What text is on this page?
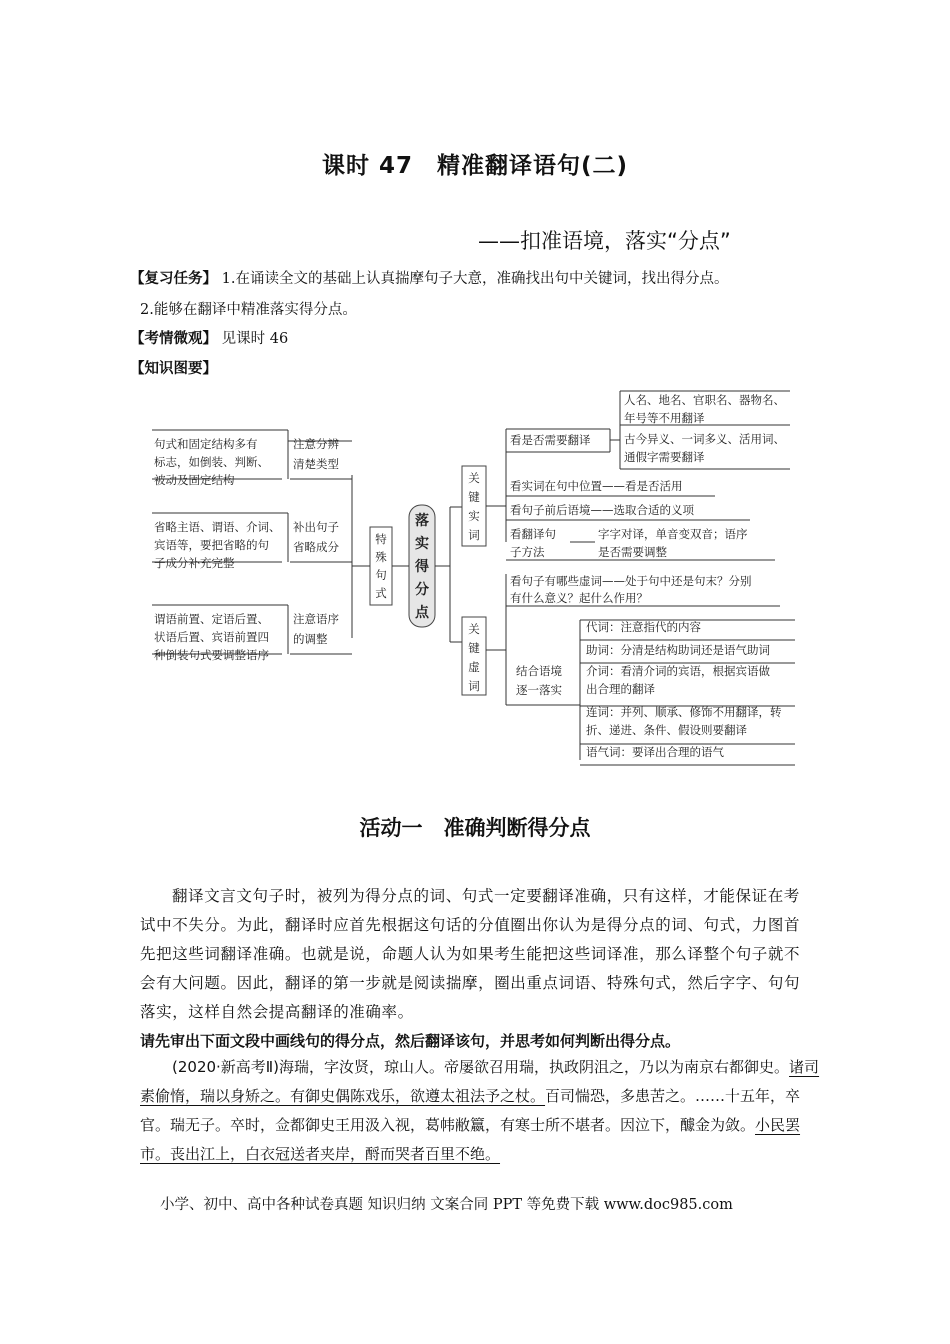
课时 47　精准翻译语句(二)
——扣准语境，落实“分点”
【复习任务】 1.在诵读全文的基础上认真揣摩句子大意，准确找出句中关键词，找出得分点。
2.能够在翻译中精准落实得分点。
【考情微观】 见课时 46
【知识图要】
落
实
得
分
点
特
殊
句
式
句式和固定结构多有
标志，如倒装、判断、
被动及固定结构
注意分辨
清楚类型
省略主语、谓语、介词、
宾语等，要把省略的句
子成分补充完整
补出句子
省略成分
谓语前置、定语后置、
状语后置、宾语前置四
种倒装句式要调整语序
注意语序
的调整
关
键
实
词
看是否需要翻译
人名、地名、官职名、器物名、
年号等不用翻译
古今异义、一词多义、活用词、
通假字需要翻译
看实词在句中位置——看是否活用
看句子前后语境——选取合适的义项
看翻译句
子方法
字字对译，单音变双音；语序
是否需要调整
关
键
虚
词
看句子有哪些虚词——处于句中还是句末？分别
有什么意义？起什么作用？
结合语境
逐一落实
代词：注意指代的内容
助词：分清是结构助词还是语气助词
介词：看清介词的宾语，根据宾语做
出合理的翻译
连词：并列、顺承、修饰不用翻译，转
折、递进、条件、假设则要翻译
语气词：要译出合理的语气
活动一　准确判断得分点
翻译文言文句子时，被列为得分点的词、句式一定要翻译准确，只有这样，才能保证在考试中不失分。为此，翻译时应首先根据这句话的分值圈出你认为是得分点的词、句式，力图首先把这些词翻译准确。也就是说，命题人认为如果考生能把这些词译准，那么译整个句子就不会有大问题。因此，翻译的第一步就是阅读揣摩，圈出重点词语、特殊句式，然后字字、句句落实，这样自然会提高翻译的准确率。
请先审出下面文段中画线句的得分点，然后翻译该句，并思考如何判断出得分点。
(2020·新高考Ⅱ)海瑞，字汝贤，琼山人。帝屡欲召用瑞，执政阴沮之，乃以为南京右都御史。诸司素偷惰，瑞以身矫之。有御史偶陈戏乐，欲遵太祖法予之杖。百司惴恐，多患苦之。……十五年，卒官。瑞无子。卒时，佥都御史王用汲入视，葛帏敝籝，有寒士所不堪者。因泣下，醵金为敛。小民罢市。丧出江上，白衣冠送者夹岸，酹而哭者百里不绝。
小学、初中、高中各种试卷真题 知识归纳 文案合同 PPT 等免费下载 www.doc985.com
